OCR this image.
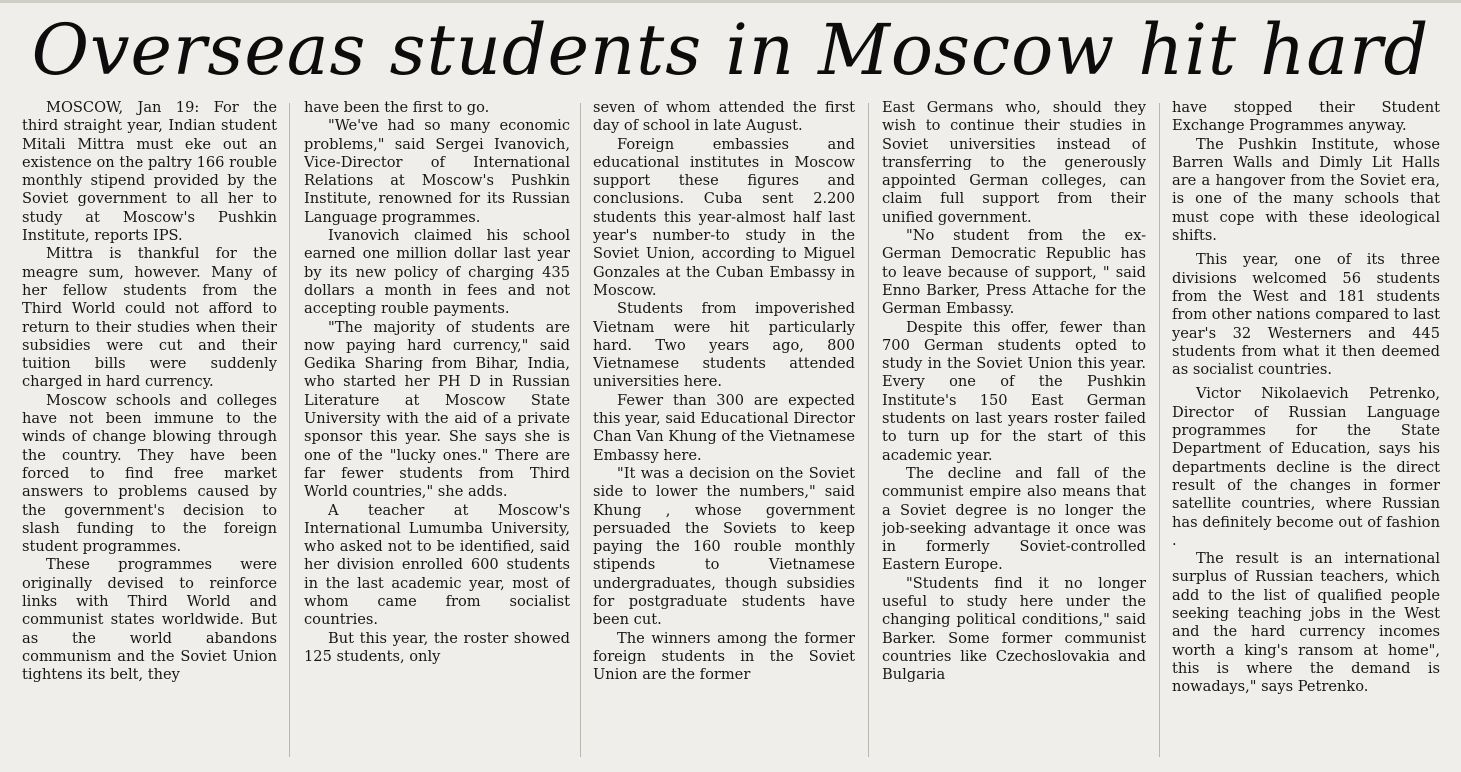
Overseas students in Moscow hit hard

MOSCOW, Jan 19: For the third straight year, Indian student Mitali Mittra must eke out an existence on the paltry 166 rouble monthly stipend provided by the Soviet government to all her to study at Moscow's Pushkin Institute, reports IPS.

Mittra is thankful for the meagre sum, however. Many of her fellow students from the Third World could not afford to return to their studies when their subsidies were cut and their tuition bills were suddenly charged in hard currency.

Moscow schools and colleges have not been immune to the winds of change blowing through the country. They have been forced to find free market answers to problems caused by the government's decision to slash funding to the foreign student programmes.

These programmes were originally devised to reinforce links with Third World and communist states worldwide. But as the world abandons communism and the Soviet Union tightens its belt, they

have been the first to go.

"We've had so many economic problems," said Sergei Ivanovich, Vice-Director of International Relations at Moscow's Pushkin Institute, renowned for its Russian Language programmes.

Ivanovich claimed his school earned one million dollar last year by its new policy of charging 435 dollars a month in fees and not accepting rouble payments.

"The majority of students are now paying hard currency," said Gedika Sharing from Bihar, India, who started her PH D in Russian Literature at Moscow State University with the aid of a private sponsor this year. She says she is one of the "lucky ones." There are far fewer students from Third World countries," she adds.

A teacher at Moscow's International Lumumba University, who asked not to be identified, said her division enrolled 600 students in the last academic year, most of whom came from socialist countries.

But this year, the roster showed 125 students, only

seven of whom attended the first day of school in late August.

Foreign embassies and educational institutes in Moscow support these figures and conclusions. Cuba sent 2.200 students this year-almost half last year's number-to study in the Soviet Union, according to Miguel Gonzales at the Cuban Embassy in Moscow.

Students from impoverished Vietnam were hit particularly hard. Two years ago, 800 Vietnamese students attended universities here.

Fewer than 300 are expected this year, said Educational Director Chan Van Khung of the Vietnamese Embassy here.

"It was a decision on the Soviet side to lower the numbers," said Khung , whose government persuaded the Soviets to keep paying the 160 rouble monthly stipends to Vietnamese undergraduates, though subsidies for postgraduate students have been cut.

The winners among the former foreign students in the Soviet Union are the former

East Germans who, should they wish to continue their studies in Soviet universities instead of transferring to the generously appointed German colleges, can claim full support from their unified government.

"No student from the ex-German Democratic Republic has to leave because of support, " said Enno Barker, Press Attache for the German Embassy.

Despite this offer, fewer than 700 German students opted to study in the Soviet Union this year. Every one of the Pushkin Institute's 150 East German students on last years roster failed to turn up for the start of this academic year.

The decline and fall of the communist empire also means that a Soviet degree is no longer the job-seeking advantage it once was in formerly Soviet-controlled Eastern Europe.

"Students find it no longer useful to study here under the changing political conditions," said Barker. Some former communist countries like Czechoslovakia and Bulgaria

have stopped their Student Exchange Programmes anyway.

The Pushkin Institute, whose Barren Walls and Dimly Lit Halls are a hangover from the Soviet era, is one of the many schools that must cope with these ideological shifts.

This year, one of its three divisions welcomed 56 students from the West and 181 students from other nations compared to last year's 32 Westerners and 445 students from what it then deemed as socialist countries.

Victor Nikolaevich Petrenko, Director of Russian Language programmes for the State Department of Education, says his departments decline is the direct result of the changes in former satellite countries, where Russian has definitely become out of fashion .

The result is an international surplus of Russian teachers, which add to the list of qualified people seeking teaching jobs in the West and the hard currency incomes worth a king's ransom at home", this is where the demand is nowadays," says Petrenko.
